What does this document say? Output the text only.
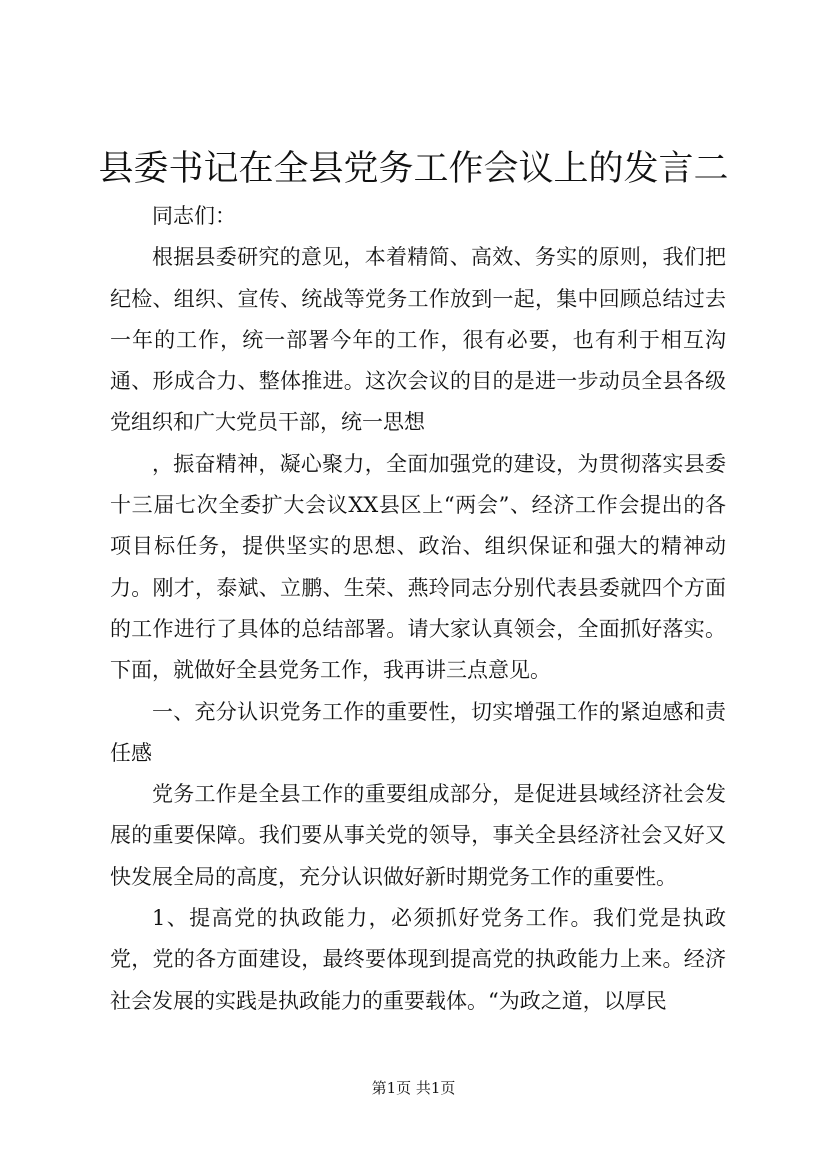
县委书记在全县党务工作会议上的发言二

同志们：

根据县委研究的意见，本着精简、高效、务实的原则，我们把纪检、组织、宣传、统战等党务工作放到一起，集中回顾总结过去一年的工作，统一部署今年的工作，很有必要，也有利于相互沟通、形成合力、整体推进。这次会议的目的是进一步动员全县各级党组织和广大党员干部，统一思想

，振奋精神，凝心聚力，全面加强党的建设，为贯彻落实县委十三届七次全委扩大会议XX县区上“两会”、经济工作会提出的各项目标任务，提供坚实的思想、政治、组织保证和强大的精神动力。刚才，泰斌、立鹏、生荣、燕玲同志分别代表县委就四个方面的工作进行了具体的总结部署。请大家认真领会，全面抓好落实。下面，就做好全县党务工作，我再讲三点意见。

一、充分认识党务工作的重要性，切实增强工作的紧迫感和责任感

党务工作是全县工作的重要组成部分，是促进县域经济社会发展的重要保障。我们要从事关党的领导，事关全县经济社会又好又快发展全局的高度，充分认识做好新时期党务工作的重要性。

1、提高党的执政能力，必须抓好党务工作。我们党是执政党，党的各方面建设，最终要体现到提高党的执政能力上来。经济社会发展的实践是执政能力的重要载体。“为政之道，以厚民

第1页 共1页
